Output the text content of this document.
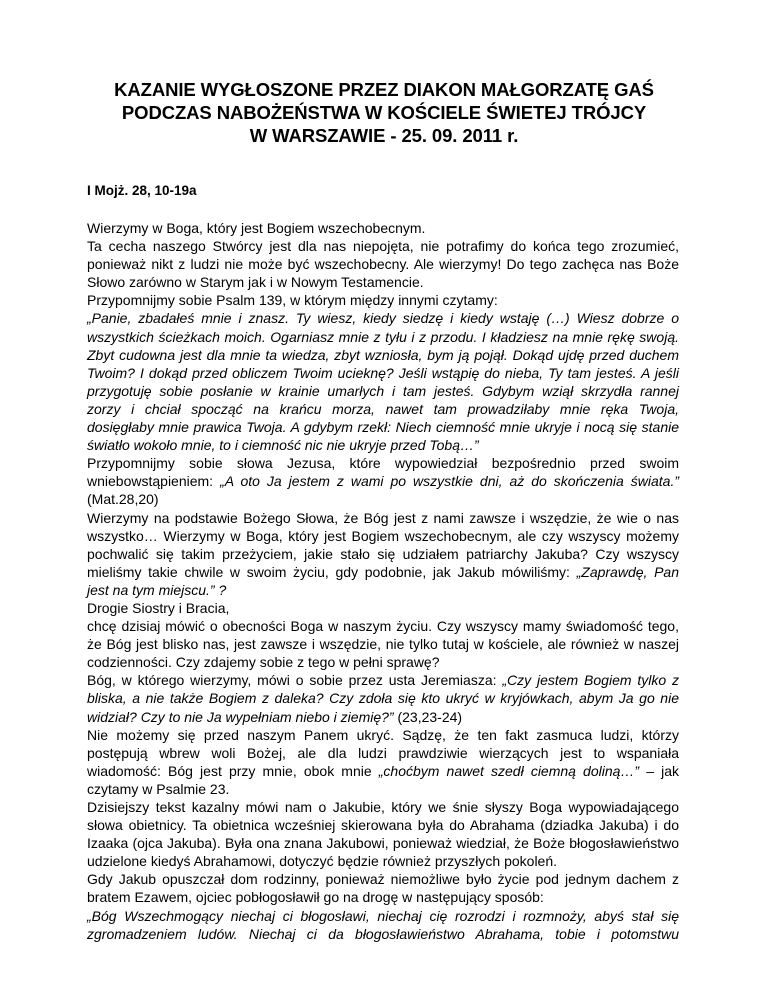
KAZANIE WYGŁOSZONE PRZEZ DIAKON MAŁGORZATĘ GAŚ
PODCZAS NABOŻEŃSTWA W KOŚCIELE ŚWIETEJ TRÓJCY
W WARSZAWIE - 25. 09. 2011 r.
I Mojż. 28, 10-19a

Wierzymy w Boga, który jest Bogiem wszechobecnym.

Ta cecha naszego Stwórcy jest dla nas niepojęta, nie potrafimy do końca tego zrozumieć,

ponieważ nikt z ludzi nie może być wszechobecny. Ale wierzymy! Do tego zachęca nas Boże

Słowo zarówno w Starym jak i w Nowym Testamencie.

Przypomnijmy sobie Psalm 139, w którym między innymi czytamy:

„Panie, zbadałeś mnie i znasz. Ty wiesz, kiedy siedzę i kiedy wstaję (…) Wiesz dobrze o

wszystkich ścieżkach moich. Ogarniasz mnie z tyłu i z przodu. I kładziesz na mnie rękę swoją.

Zbyt cudowna jest dla mnie ta wiedza, zbyt wzniosła, bym ją pojął. Dokąd ujdę przed duchem

Twoim? I dokąd przed obliczem Twoim ucieknę? Jeśli wstąpię do nieba, Ty tam jesteś. A jeśli

przygotuję sobie posłanie w krainie umarłych i tam jesteś. Gdybym wziął skrzydła rannej

zorzy i chciał spocząć na krańcu morza, nawet tam prowadziłaby mnie ręka Twoja,

dosięgłaby mnie prawica Twoja. A gdybym rzekł: Niech ciemność mnie ukryje i nocą się stanie

światło wokoło mnie, to i ciemność nic nie ukryje przed Tobą…”

Przypomnijmy sobie słowa Jezusa, które wypowiedział bezpośrednio przed swoim

wniebowstąpieniem: „A oto Ja jestem z wami po wszystkie dni, aż do skończenia świata.”

(Mat.28,20)

Wierzymy na podstawie Bożego Słowa, że Bóg jest z nami zawsze i wszędzie, że wie o nas

wszystko… Wierzymy w Boga, który jest Bogiem wszechobecnym, ale czy wszyscy możemy

pochwalić się takim przeżyciem, jakie stało się udziałem patriarchy Jakuba? Czy wszyscy

mieliśmy takie chwile w swoim życiu, gdy podobnie, jak Jakub mówiliśmy: „Zaprawdę, Pan

jest na tym miejscu.” ?

Drogie Siostry i Bracia,

chcę dzisiaj mówić o obecności Boga w naszym życiu. Czy wszyscy mamy świadomość tego,

że Bóg jest blisko nas, jest zawsze i wszędzie, nie tylko tutaj w kościele, ale również w naszej

codzienności. Czy zdajemy sobie z tego w pełni sprawę?

Bóg, w którego wierzymy, mówi o sobie przez usta Jeremiasza: „Czy jestem Bogiem tylko z

bliska, a nie także Bogiem z daleka? Czy zdoła się kto ukryć w kryjówkach, abym Ja go nie

widział? Czy to nie Ja wypełniam niebo i ziemię?” (23,23-24)

Nie możemy się przed naszym Panem ukryć. Sądzę, że ten fakt zasmuca ludzi, którzy

postępują wbrew woli Bożej, ale dla ludzi prawdziwie wierzących jest to wspaniała

wiadomość: Bóg jest przy mnie, obok mnie „choćbym nawet szedł ciemną doliną…” – jak

czytamy w Psalmie 23.

Dzisiejszy tekst kazalny mówi nam o Jakubie, który we śnie słyszy Boga wypowiadającego

słowa obietnicy. Ta obietnica wcześniej skierowana była do Abrahama (dziadka Jakuba) i do

Izaaka (ojca Jakuba). Była ona znana Jakubowi, ponieważ wiedział, że Boże błogosławieństwo

udzielone kiedyś Abrahamowi, dotyczyć będzie również przyszłych pokoleń.

Gdy Jakub opuszczał dom rodzinny, ponieważ niemożliwe było życie pod jednym dachem z

bratem Ezawem, ojciec pobłogosławił go na drogę w następujący sposób:

„Bóg Wszechmogący niechaj ci błogosławi, niechaj cię rozrodzi i rozmnoży, abyś stał się

zgromadzeniem ludów. Niechaj ci da błogosławieństwo Abrahama, tobie i potomstwu
